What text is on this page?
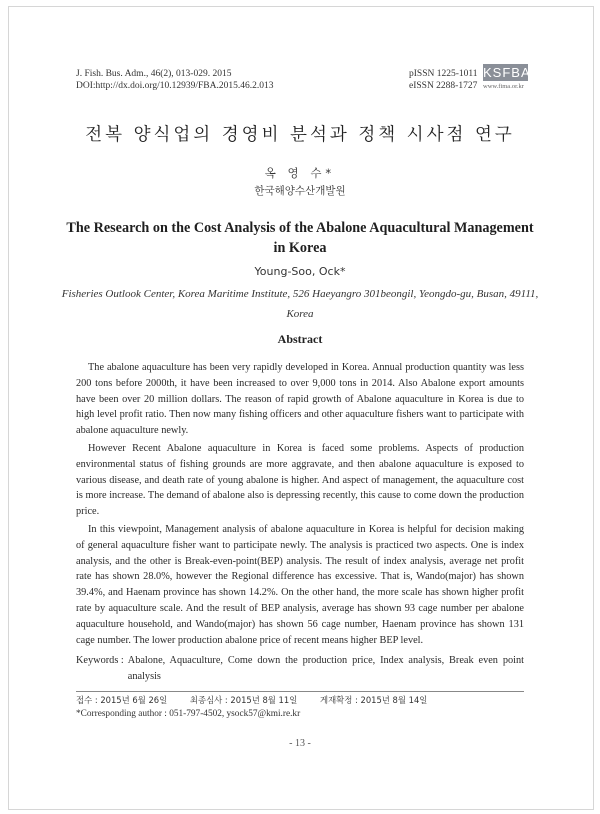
J. Fish. Bus. Adm., 46(2), 013-029. 2015
DOI:http://dx.doi.org/10.12939/FBA.2015.46.2.013
pISSN 1225-1011
eISSN 2288-1727
KSFBA
www.fima.or.kr
전복 양식업의 경영비 분석과 정책 시사점 연구
옥 영 수*
한국해양수산개발원
The Research on the Cost Analysis of the Abalone Aquacultural Management in Korea
Young-Soo, Ock*
Fisheries Outlook Center, Korea Maritime Institute, 526 Haeyangro 301beongil, Yeongdo-gu, Busan, 49111, Korea
Abstract

The abalone aquaculture has been very rapidly developed in Korea. Annual production quantity was less 200 tons before 2000th, it have been increased to over 9,000 tons in 2014. Also Abalone export amounts have been over 20 million dollars. The reason of rapid growth of Abalone aquaculture in Korea is due to high level profit ratio. Then now many fishing officers and other aquaculture fishers want to participate with abalone aquaculture newly.

However Recent Abalone aquaculture in Korea is faced some problems. Aspects of production environmental status of fishing grounds are more aggravate, and then abalone aquaculture is exposed to various disease, and death rate of young abalone is higher. And aspect of management, the aquaculture cost is more increase. The demand of abalone also is depressing recently, this cause to come down the production price.

In this viewpoint, Management analysis of abalone aquaculture in Korea is helpful for decision making of general aquaculture fisher want to participate newly. The analysis is practiced two aspects. One is index analysis, and the other is Break-even-point(BEP) analysis. The result of index analysis, average net profit rate has shown 28.0%, however the Regional difference has excessive. That is, Wando(major) has shown 39.4%, and Haenam province has shown 14.2%. On the other hand, the more scale has shown higher profit rate by aquaculture scale. And the result of BEP analysis, average has shown 93 cage number per abalone aquaculture household, and Wando(major) has shown 56 cage number, Haenam province has shown 131 cage number. The lower production abalone price of recent means higher BEP level.

Keywords : Abalone, Aquaculture, Come down the production price, Index analysis, Break even point analysis
접수 : 2015년 6월 26일	최종심사 : 2015년 8월 11일	게재확정 : 2015년 8월 14일
*Corresponding author : 051-797-4502, ysock57@kmi.re.kr
- 13 -
